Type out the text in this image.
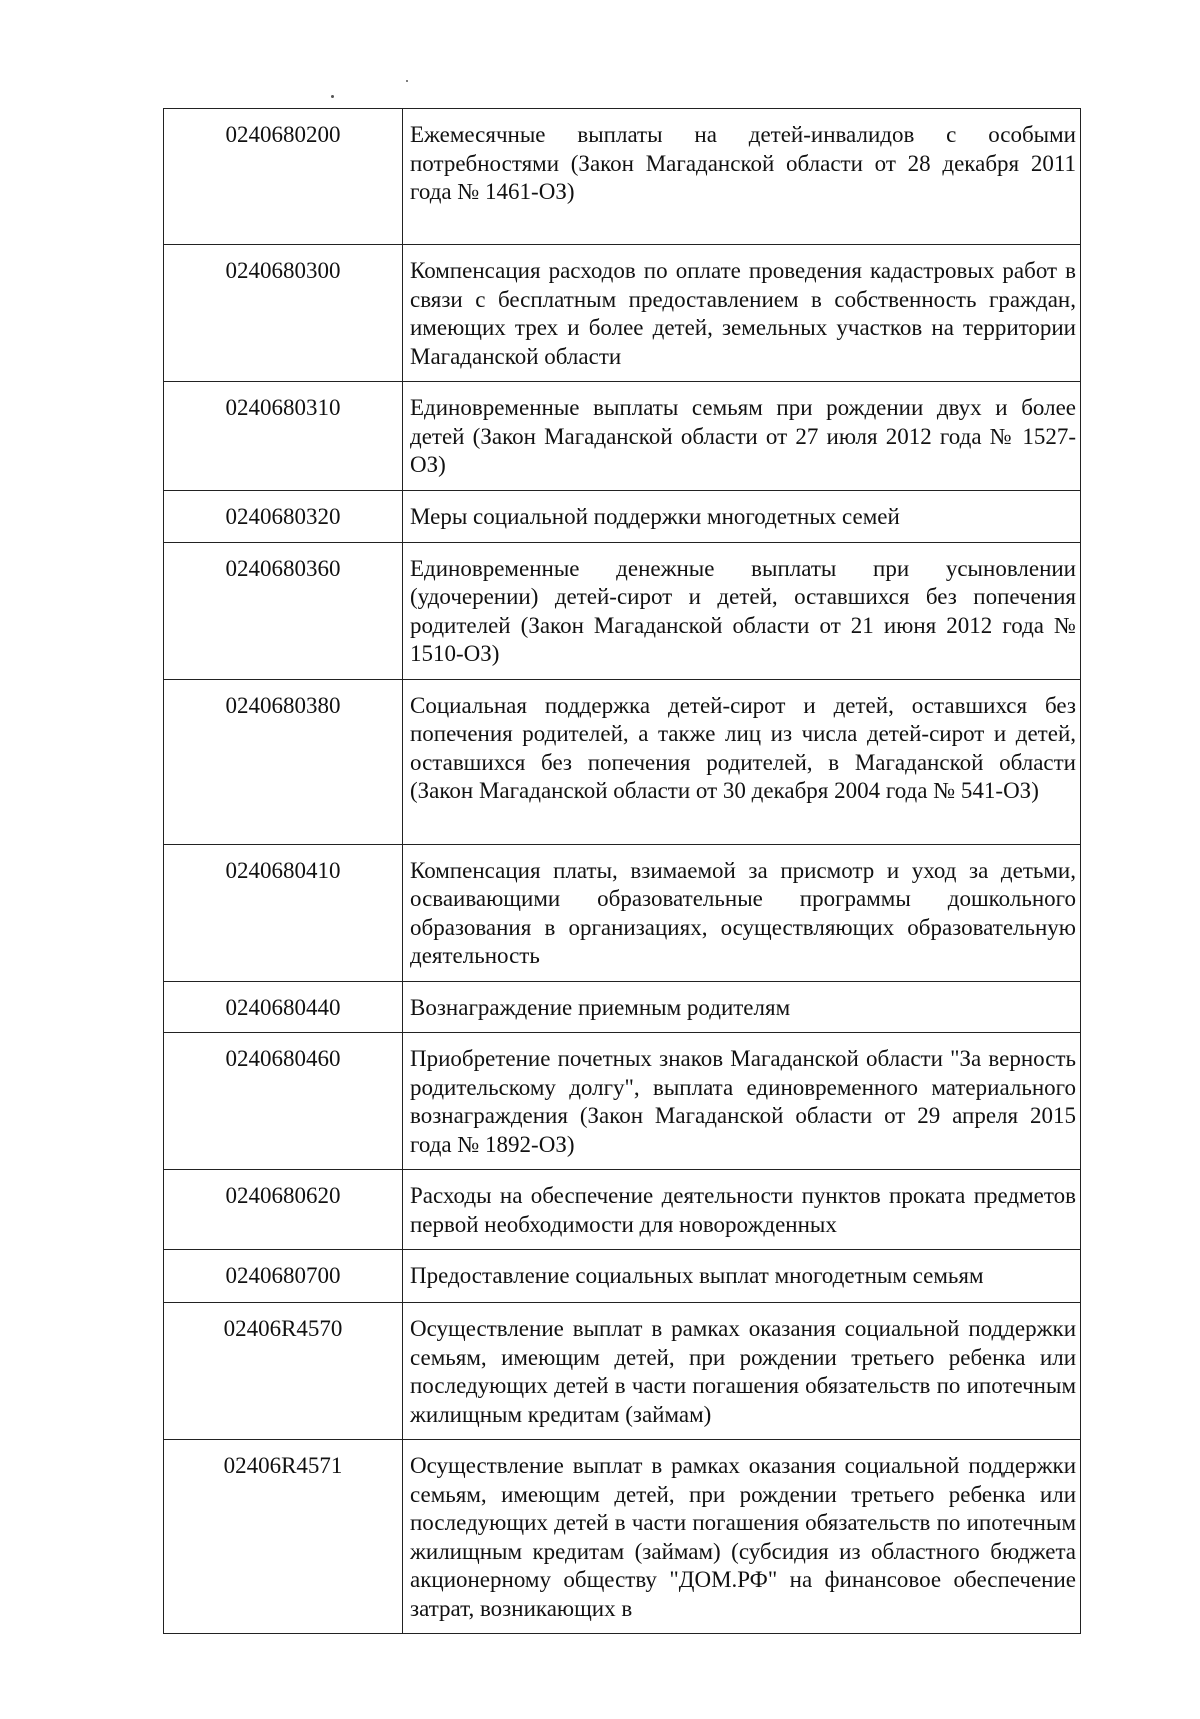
0240680200	Ежемесячные выплаты на детей-инвалидов с особыми потребностями (Закон Магаданской области от 28 декабря 2011 года № 1461-ОЗ)
0240680300	Компенсация расходов по оплате проведения кадастровых работ в связи с бесплатным предоставлением в собственность граждан, имеющих трех и более детей, земельных участков на территории Магаданской области
0240680310	Единовременные выплаты семьям при рождении двух и более детей (Закон Магаданской области от 27 июля 2012 года № 1527-ОЗ)
0240680320	Меры социальной поддержки многодетных семей
0240680360	Единовременные денежные выплаты при усыновлении (удочерении) детей-сирот и детей, оставшихся без попечения родителей (Закон Магаданской области от 21 июня 2012 года № 1510-ОЗ)
0240680380	Социальная поддержка детей-сирот и детей, оставшихся без попечения родителей, а также лиц из числа детей-сирот и детей, оставшихся без попечения родителей, в Магаданской области (Закон Магаданской области от 30 декабря 2004 года № 541-ОЗ)
0240680410	Компенсация платы, взимаемой за присмотр и уход за детьми, осваивающими образовательные программы дошкольного образования в организациях, осуществляющих образовательную деятельность
0240680440	Вознаграждение приемным родителям
0240680460	Приобретение почетных знаков Магаданской области "За верность родительскому долгу", выплата единовременного материального вознаграждения (Закон Магаданской области от 29 апреля 2015 года № 1892-ОЗ)
0240680620	Расходы на обеспечение деятельности пунктов проката предметов первой необходимости для новорожденных
0240680700	Предоставление социальных выплат многодетным семьям
02406R4570	Осуществление выплат в рамках оказания социальной поддержки семьям, имеющим детей, при рождении третьего ребенка или последующих детей в части погашения обязательств по ипотечным жилищным кредитам (займам)
02406R4571	Осуществление выплат в рамках оказания социальной поддержки семьям, имеющим детей, при рождении третьего ребенка или последующих детей в части погашения обязательств по ипотечным жилищным кредитам (займам) (субсидия из областного бюджета акционерному обществу "ДОМ.РФ" на финансовое обеспечение затрат, возникающих в
